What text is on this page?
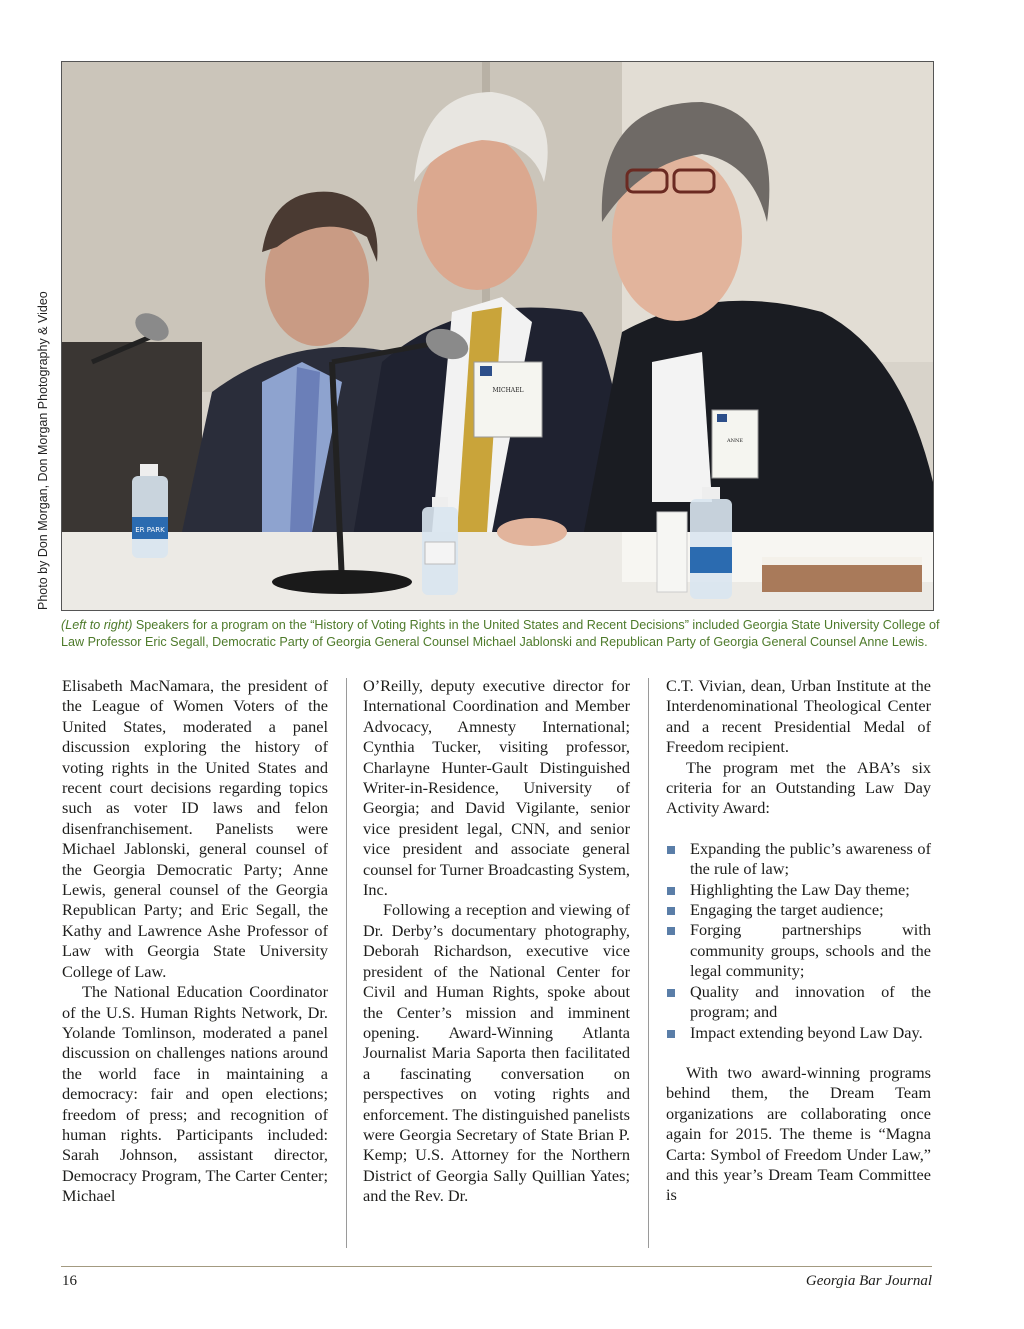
Photo by Don Morgan, Don Morgan Photography & Video	MICHAEL
ANNE
ER PARK
(Left to right) Speakers for a program on the “History of Voting Rights in the United States and Recent Decisions” included Georgia State University College of Law Professor Eric Segall, Democratic Party of Georgia General Counsel Michael Jablonski and Republican Party of Georgia General Counsel Anne Lewis.

Elisabeth MacNamara, the president of the League of Women Voters of the United States, moderated a panel discussion exploring the history of voting rights in the United States and recent court decisions regarding topics such as voter ID laws and felon disenfranchisement. Panelists were Michael Jablonski, general counsel of the Georgia Democratic Party; Anne Lewis, general counsel of the Georgia Republican Party; and Eric Segall, the Kathy and Lawrence Ashe Professor of Law with Georgia State University College of Law.

The National Education Coordinator of the U.S. Human Rights Network, Dr. Yolande Tomlinson, moderated a panel discussion on challenges nations around the world face in maintaining a democracy: fair and open elections; freedom of press; and recognition of human rights. Participants included: Sarah Johnson, assistant director, Democracy Program, The Carter Center; Michael

O’Reilly, deputy executive director for International Coordination and Member Advocacy, Amnesty International; Cynthia Tucker, visiting professor, Charlayne Hunter-Gault Distinguished Writer-in-Residence, University of Georgia; and David Vigilante, senior vice president legal, CNN, and senior vice president and associate general counsel for Turner Broadcasting System, Inc.

Following a reception and viewing of Dr. Derby’s documentary photography, Deborah Richardson, executive vice president of the National Center for Civil and Human Rights, spoke about the Center’s mission and imminent opening. Award-Winning Atlanta Journalist Maria Saporta then facilitated a fascinating conversation on perspectives on voting rights and enforcement. The distinguished panelists were Georgia Secretary of State Brian P. Kemp; U.S. Attorney for the Northern District of Georgia Sally Quillian Yates; and the Rev. Dr.

C.T. Vivian, dean, Urban Institute at the Interdenominational Theological Center and a recent Presidential Medal of Freedom recipient.

The program met the ABA’s six criteria for an Outstanding Law Day Activity Award:

Expanding the public’s awareness of the rule of law;
Highlighting the Law Day theme;
Engaging the target audience;
Forging partnerships with community groups, schools and the legal community;
Quality and innovation of the program; and
Impact extending beyond Law Day.

With two award-winning programs behind them, the Dream Team organizations are collaborating once again for 2015. The theme is “Magna Carta: Symbol of Freedom Under Law,” and this year’s Dream Team Committee is

16	Georgia Bar Journal
